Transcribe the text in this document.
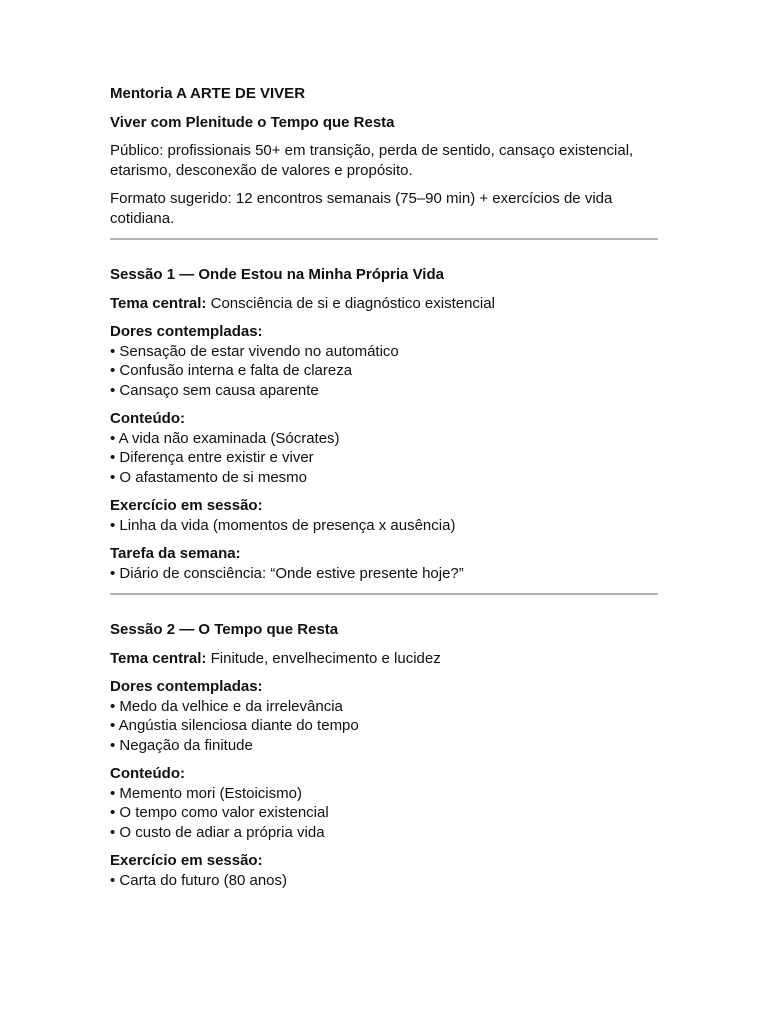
Mentoria A ARTE DE VIVER

Viver com Plenitude o Tempo que Resta

Público: profissionais 50+ em transição, perda de sentido, cansaço existencial, etarismo, desconexão de valores e propósito.

Formato sugerido: 12 encontros semanais (75–90 min) + exercícios de vida cotidiana.

Sessão 1 — Onde Estou na Minha Própria Vida

Tema central: Consciência de si e diagnóstico existencial

Dores contempladas:

• Sensação de estar vivendo no automático
• Confusão interna e falta de clareza
• Cansaço sem causa aparente

Conteúdo:

• A vida não examinada (Sócrates)
• Diferença entre existir e viver
• O afastamento de si mesmo

Exercício em sessão:

• Linha da vida (momentos de presença x ausência)

Tarefa da semana:

• Diário de consciência: “Onde estive presente hoje?”

Sessão 2 — O Tempo que Resta

Tema central: Finitude, envelhecimento e lucidez

Dores contempladas:

• Medo da velhice e da irrelevância
• Angústia silenciosa diante do tempo
• Negação da finitude

Conteúdo:

• Memento mori (Estoicismo)
• O tempo como valor existencial
• O custo de adiar a própria vida

Exercício em sessão:

• Carta do futuro (80 anos)
